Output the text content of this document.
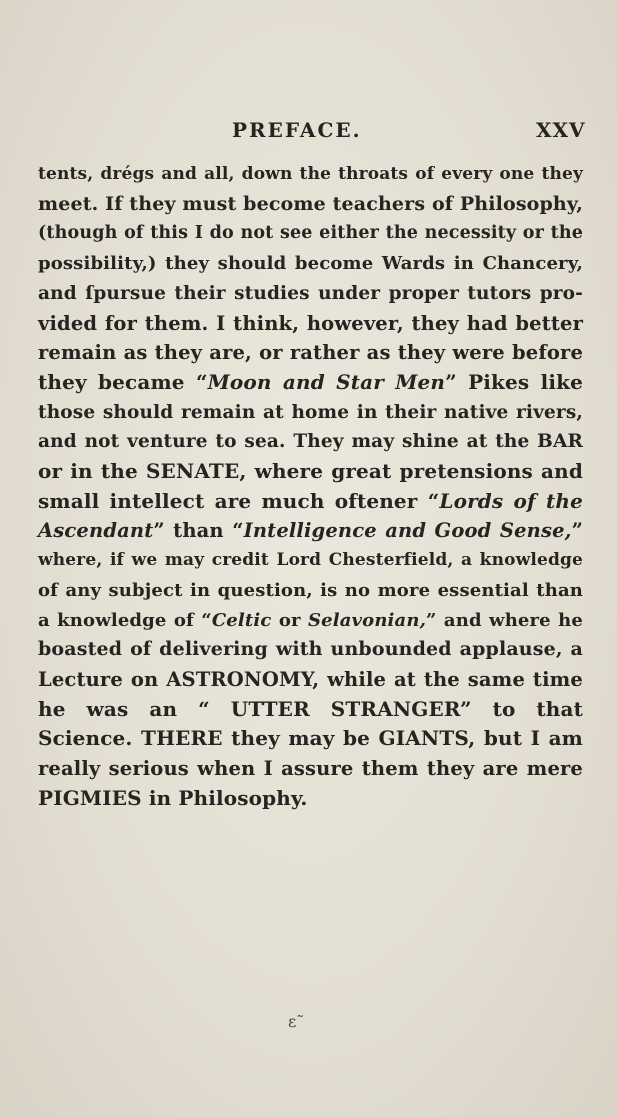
PREFACE.	XXV
tents, drégs and all, down the throats of every one they
meet. If they must become teachers of Philosophy,
(though of this I do not see either the necessity or the
possibility,) they should become Wards in Chancery,
and ſpursue their studies under proper tutors pro-
vided for them. I think, however, they had better
remain as they are, or rather as they were before
they became “Moon and Star Men” Pikes like
those should remain at home in their native rivers,
and not venture to sea. They may shine at the BAR
or in the SENATE, where great pretensions and
small intellect are much oftener “Lords of the
Ascendant” than “Intelligence and Good Sense,”
where, if we may credit Lord Chesterfield, a knowledge
of any subject in question, is no more essential than
a knowledge of “Celtic or Selavonian,” and where he
boasted of delivering with unbounded applause, a
Lecture on ASTRONOMY, while at the same time
he was an “ UTTER STRANGER” to that
Science. THERE they may be GIANTS, but I am
really serious when I assure them they are mere
PIGMIES in Philosophy.
ε˜
